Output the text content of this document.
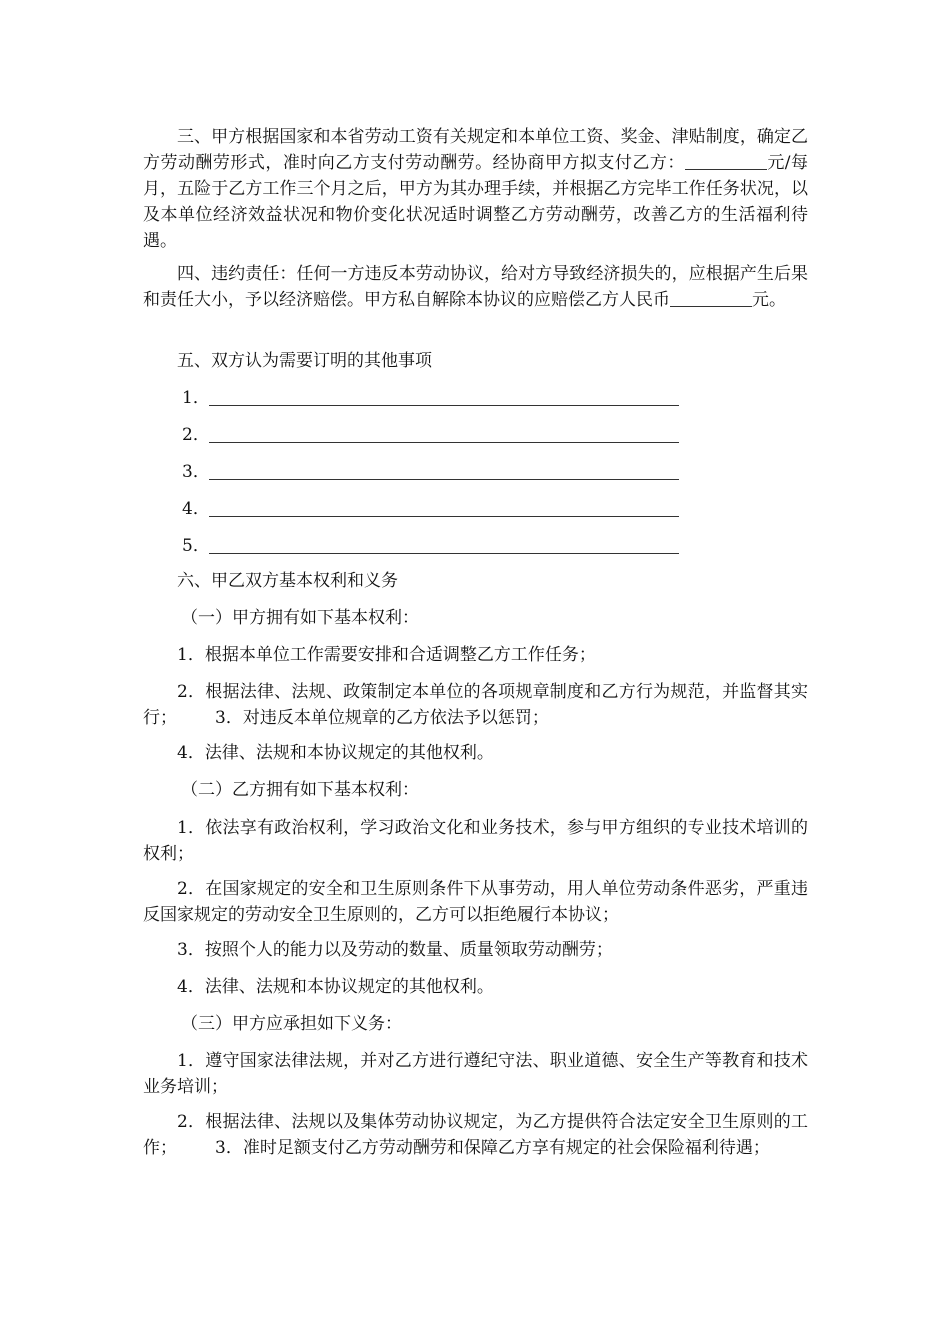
三、甲方根据国家和本省劳动工资有关规定和本单位工资、奖金、津贴制度，确定乙方劳动酬劳形式，准时向乙方支付劳动酬劳。经协商甲方拟支付乙方：	元/每月，五险于乙方工作三个月之后，甲方为其办理手续，并根据乙方完毕工作任务状况，以及本单位经济效益状况和物价变化状况适时调整乙方劳动酬劳，改善乙方的生活福利待遇。
四、违约责任：任何一方违反本劳动协议，给对方导致经济损失的，应根据产生后果和责任大小，予以经济赔偿。甲方私自解除本协议的应赔偿乙方人民币	元。
五、双方认为需要订明的其他事项
1．
2．
3．
4．
5．
六、甲乙双方基本权利和义务
（一）甲方拥有如下基本权利：
1．根据本单位工作需要安排和合适调整乙方工作任务；
2．根据法律、法规、政策制定本单位的各项规章制度和乙方行为规范，并监督其实行； 3．对违反本单位规章的乙方依法予以惩罚；
4．法律、法规和本协议规定的其他权利。
（二）乙方拥有如下基本权利：
1．依法享有政治权利，学习政治文化和业务技术，参与甲方组织的专业技术培训的权利；
2．在国家规定的安全和卫生原则条件下从事劳动，用人单位劳动条件恶劣，严重违反国家规定的劳动安全卫生原则的，乙方可以拒绝履行本协议；
3．按照个人的能力以及劳动的数量、质量领取劳动酬劳；
4．法律、法规和本协议规定的其他权利。
（三）甲方应承担如下义务：
1．遵守国家法律法规，并对乙方进行遵纪守法、职业道德、安全生产等教育和技术业务培训；
2．根据法律、法规以及集体劳动协议规定，为乙方提供符合法定安全卫生原则的工作； 3．准时足额支付乙方劳动酬劳和保障乙方享有规定的社会保险福利待遇；
